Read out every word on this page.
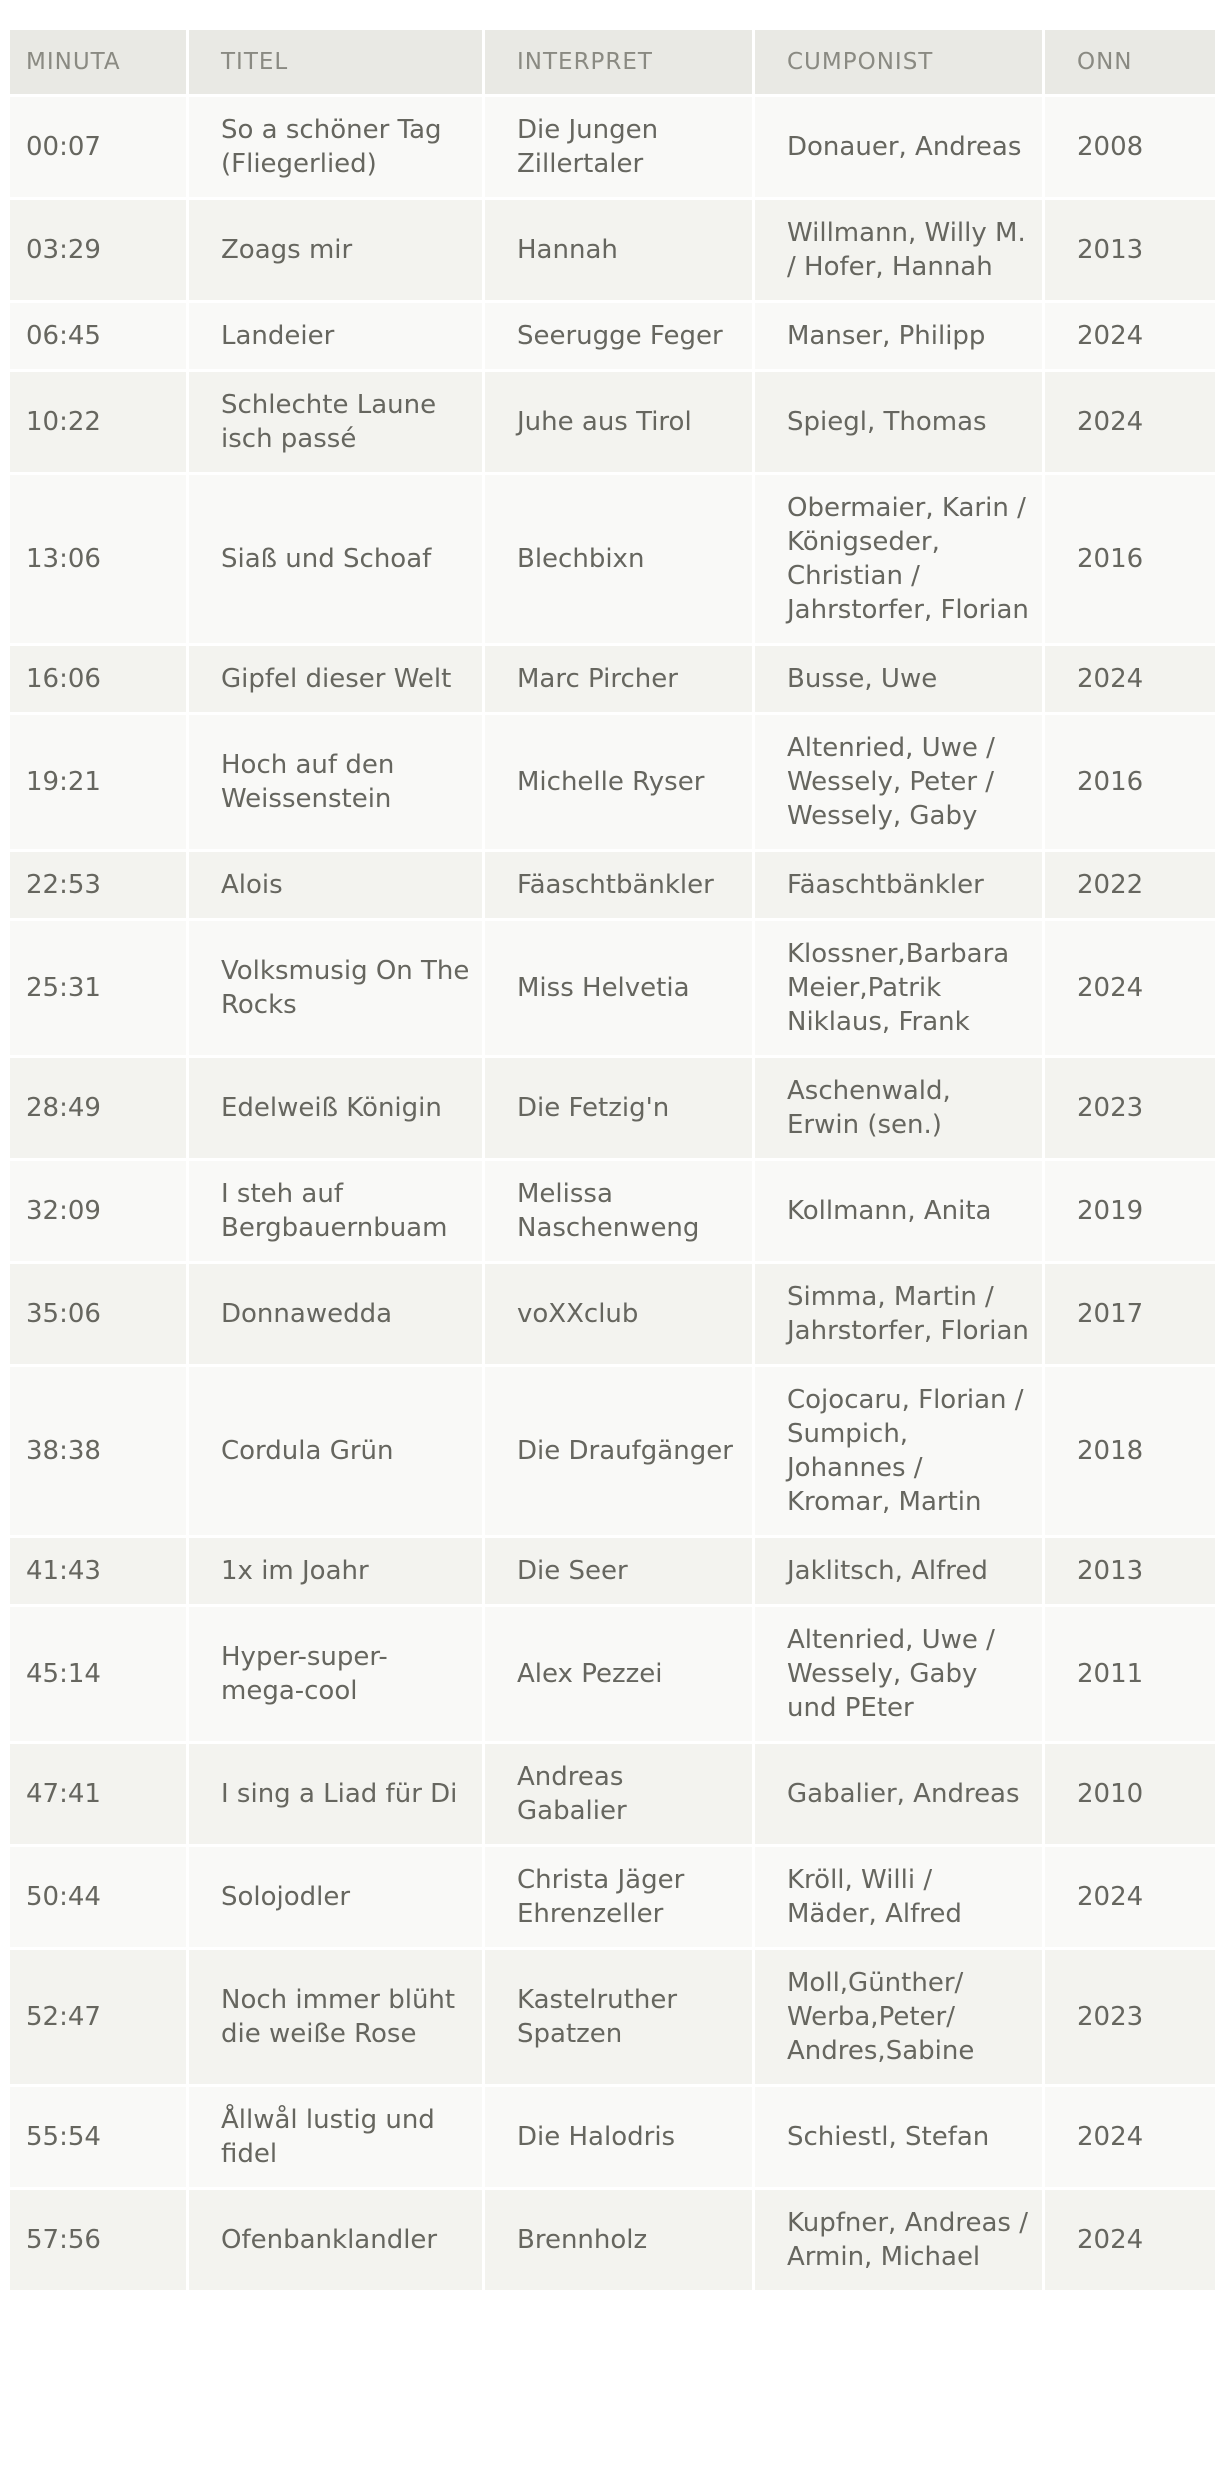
MINUTA	TITEL	INTERPRET	CUMPONIST	ONN
00:07	So a schöner Tag (Fliegerlied)	Die Jungen Zillertaler	Donauer, Andreas	2008
03:29	Zoags mir	Hannah	Willmann, Willy M. / Hofer, Hannah	2013
06:45	Landeier	Seerugge Feger	Manser, Philipp	2024
10:22	Schlechte Laune isch passé	Juhe aus Tirol	Spiegl, Thomas	2024
13:06	Siaß und Schoaf	Blechbixn	Obermaier, Karin / Königseder, Christian / Jahrstorfer, Florian	2016
16:06	Gipfel dieser Welt	Marc Pircher	Busse, Uwe	2024
19:21	Hoch auf den Weissenstein	Michelle Ryser	Altenried, Uwe / Wessely, Peter / Wessely, Gaby	2016
22:53	Alois	Fäaschtbänkler	Fäaschtbänkler	2022
25:31	Volksmusig On The Rocks	Miss Helvetia	Klossner,Barbara Meier,Patrik Niklaus, Frank	2024
28:49	Edelweiß Königin	Die Fetzig'n	Aschenwald, Erwin (sen.)	2023
32:09	I steh auf Bergbauernbuam	Melissa Naschenweng	Kollmann, Anita	2019
35:06	Donnawedda	voXXclub	Simma, Martin / Jahrstorfer, Florian	2017
38:38	Cordula Grün	Die Draufgänger	Cojocaru, Florian / Sumpich, Johannes / Kromar, Martin	2018
41:43	1x im Joahr	Die Seer	Jaklitsch, Alfred	2013
45:14	Hyper-super-mega-cool	Alex Pezzei	Altenried, Uwe / Wessely, Gaby und PEter	2011
47:41	I sing a Liad für Di	Andreas Gabalier	Gabalier, Andreas	2010
50:44	Solojodler	Christa Jäger Ehrenzeller	Kröll, Willi / Mäder, Alfred	2024
52:47	Noch immer blüht die weiße Rose	Kastelruther Spatzen	Moll,Günther/ Werba,Peter/ Andres,Sabine	2023
55:54	Ållwål lustig und fidel	Die Halodris	Schiestl, Stefan	2024
57:56	Ofenbanklandler	Brennholz	Kupfner, Andreas / Armin, Michael	2024
